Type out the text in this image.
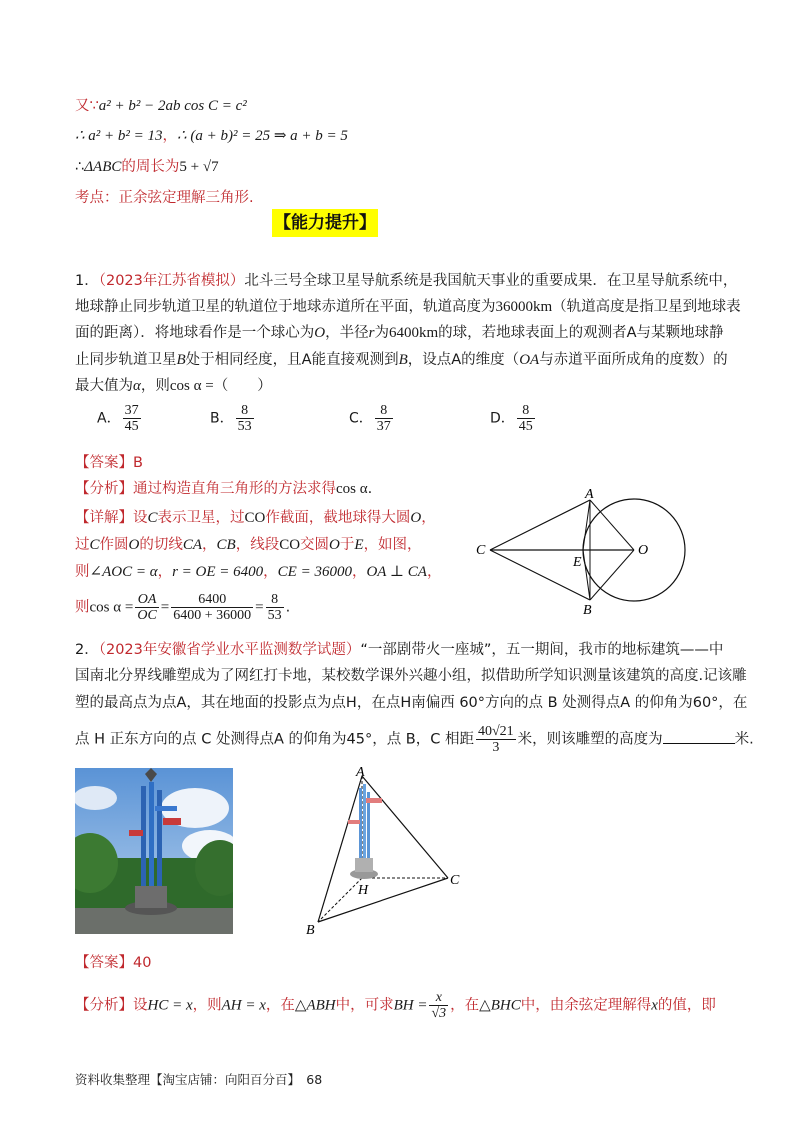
又∵a² + b² − 2ab cos C = c²
∴ a² + b² = 13，∴ (a + b)² = 25 ⇒ a + b = 5
∴ΔABC的周长为5 + √7
考点：正余弦定理解三角形.
【能力提升】
1．（2023年江苏省模拟）北斗三号全球卫星导航系统是我国航天事业的重要成果．在卫星导航系统中，
地球静止同步轨道卫星的轨道位于地球赤道所在平面，轨道高度为36000km（轨道高度是指卫星到地球表
面的距离）．将地球看作是一个球心为O，半径r为6400km的球，若地球表面上的观测者A与某颗地球静
止同步轨道卫星B处于相同经度，且A能直接观测到B，设点A的维度（OA与赤道平面所成角的度数）的
最大值为α，则cos α =（　　）
A． $\frac{37}{45}$	B． $\frac{8}{53}$	C． $\frac{8}{37}$	D． $\frac{8}{45}$
【答案】B
【分析】通过构造直角三角形的方法求得cos α.
【详解】设C表示卫星，过CO作截面，截地球得大圆O，
过C作圆O的切线CA，CB，线段CO交圆O于E，如图，
则∠AOC = α，r = OE = 6400，CE = 36000，OA ⊥ CA，
则$\cos \alpha = \frac{OA}{OC} = \frac{6400}{6400 + 36000} = \frac{8}{53}$ .
A
B
C
E
O
2．（2023年安徽省学业水平监测数学试题）“一部剧带火一座城”，五一期间，我市的地标建筑——中
国南北分界线雕塑成为了网红打卡地，某校数学课外兴趣小组，拟借助所学知识测量该建筑的高度.记该雕
塑的最高点为点A，其在地面的投影点为点H，在点H南偏西 60°方向的点 B 处测得点A 的仰角为60°，在
点 H 正东方向的点 C 处测得点A 的仰角为45°，点 B，C 相距 $\frac{40√21}{3}$ 米，则该雕塑的高度为	米.
A
H
C
B
【答案】40
【分析】设HC = x，则AH = x，在△ABH中，可求BH = $\frac{x}{√3}$ ，在△BHC中，由余弦定理解得x的值，即
资料收集整理【淘宝店铺：向阳百分百】　68
